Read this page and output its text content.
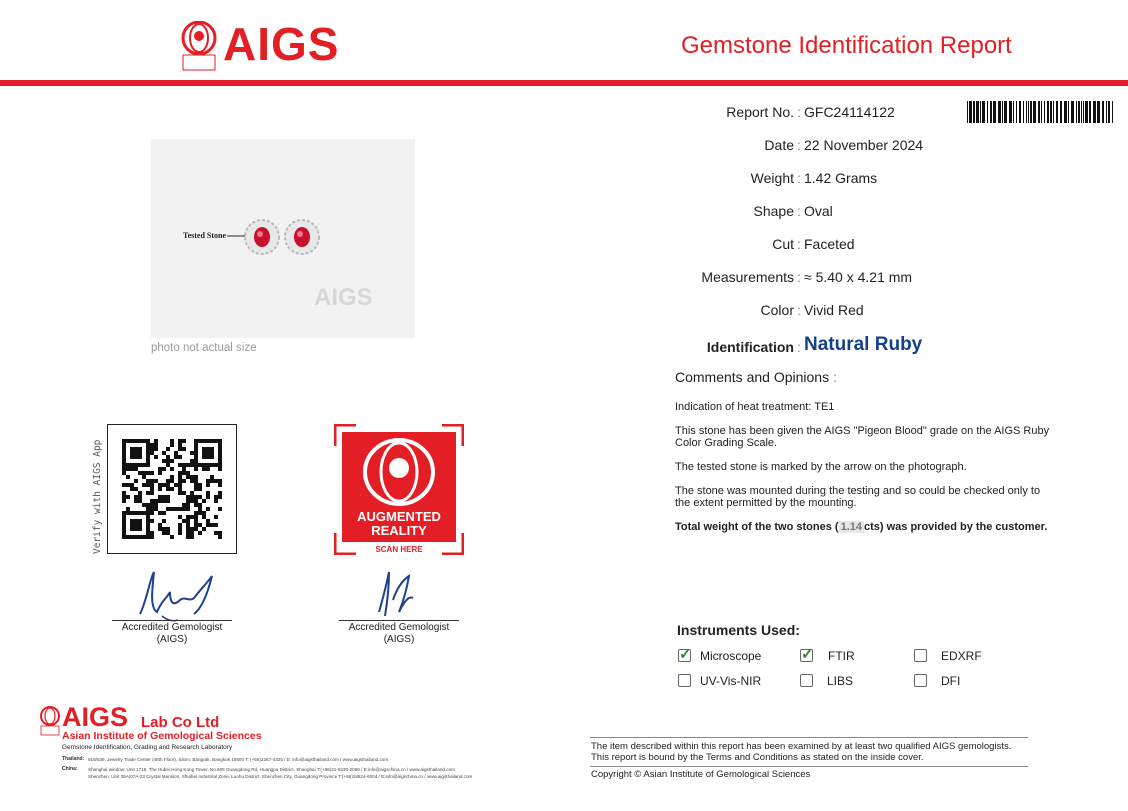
AIGS	Gemstone Identification Report
Tested Stone
AIGS
photo not actual size
Verify with AIGS App	AUGMENTED
REALITY
SCAN HERE
Accredited Gemologist
(AIGS)
Accredited Gemologist
(AIGS)
Report No. : GFC24114122
Date : 22 November 2024
Weight : 1.42 Grams
Shape : Oval
Cut : Faceted
Measurements : ≈ 5.40 x 4.21 mm
Color : Vivid Red
Identification : Natural Ruby
Comments and Opinions :
Indication of heat treatment: TE1
This stone has been given the AIGS "Pigeon Blood" grade on the AIGS Ruby Color Grading Scale.
The tested stone is marked by the arrow on the photograph.
The stone was mounted during the testing and so could be checked only to the extent permitted by the mounting.
Total weight of the two stones ( 1.14 cts) was provided by the customer.
Instruments Used:
✓ Microscope	✓ FTIR	EDXRF
UV-Vis-NIR	LIBS	DFI
AIGS Lab Co Ltd
Asian Institute of Gemological Sciences
Gemstone Identification, Grading and Research Laboratory
Thailand: 919/539, Jewelry Trade Center (48th Floor), Silom, Bangrak, Bangkok 10500 T: (+66)2267-4325 / E: info@aigsthailand.com / www.aigsthailand.com
China: Shanghai window: Unit 1718, The Hubei Hong Kong Tower, No.605 Guangdong Rd, Huangpu District, Shanghai T:(+86)21-6330-2066 / E:info@aigschina.cn / www.aigsthailand.com
Shenzhen: Unit 05A/07A-23 Crystal Mansion, Shuibei Industrial Zone, Luohu District, Shenzhen City, Guangdong Province T:(+86)18824-6004 / E:info@aigschina.cn / www.aigsthailand.com
The item described within this report has been examined by at least two qualified AIGS gemologists.
This report is bound by the Terms and Conditions as stated on the inside cover.
Copyright © Asian Institute of Gemological Sciences
